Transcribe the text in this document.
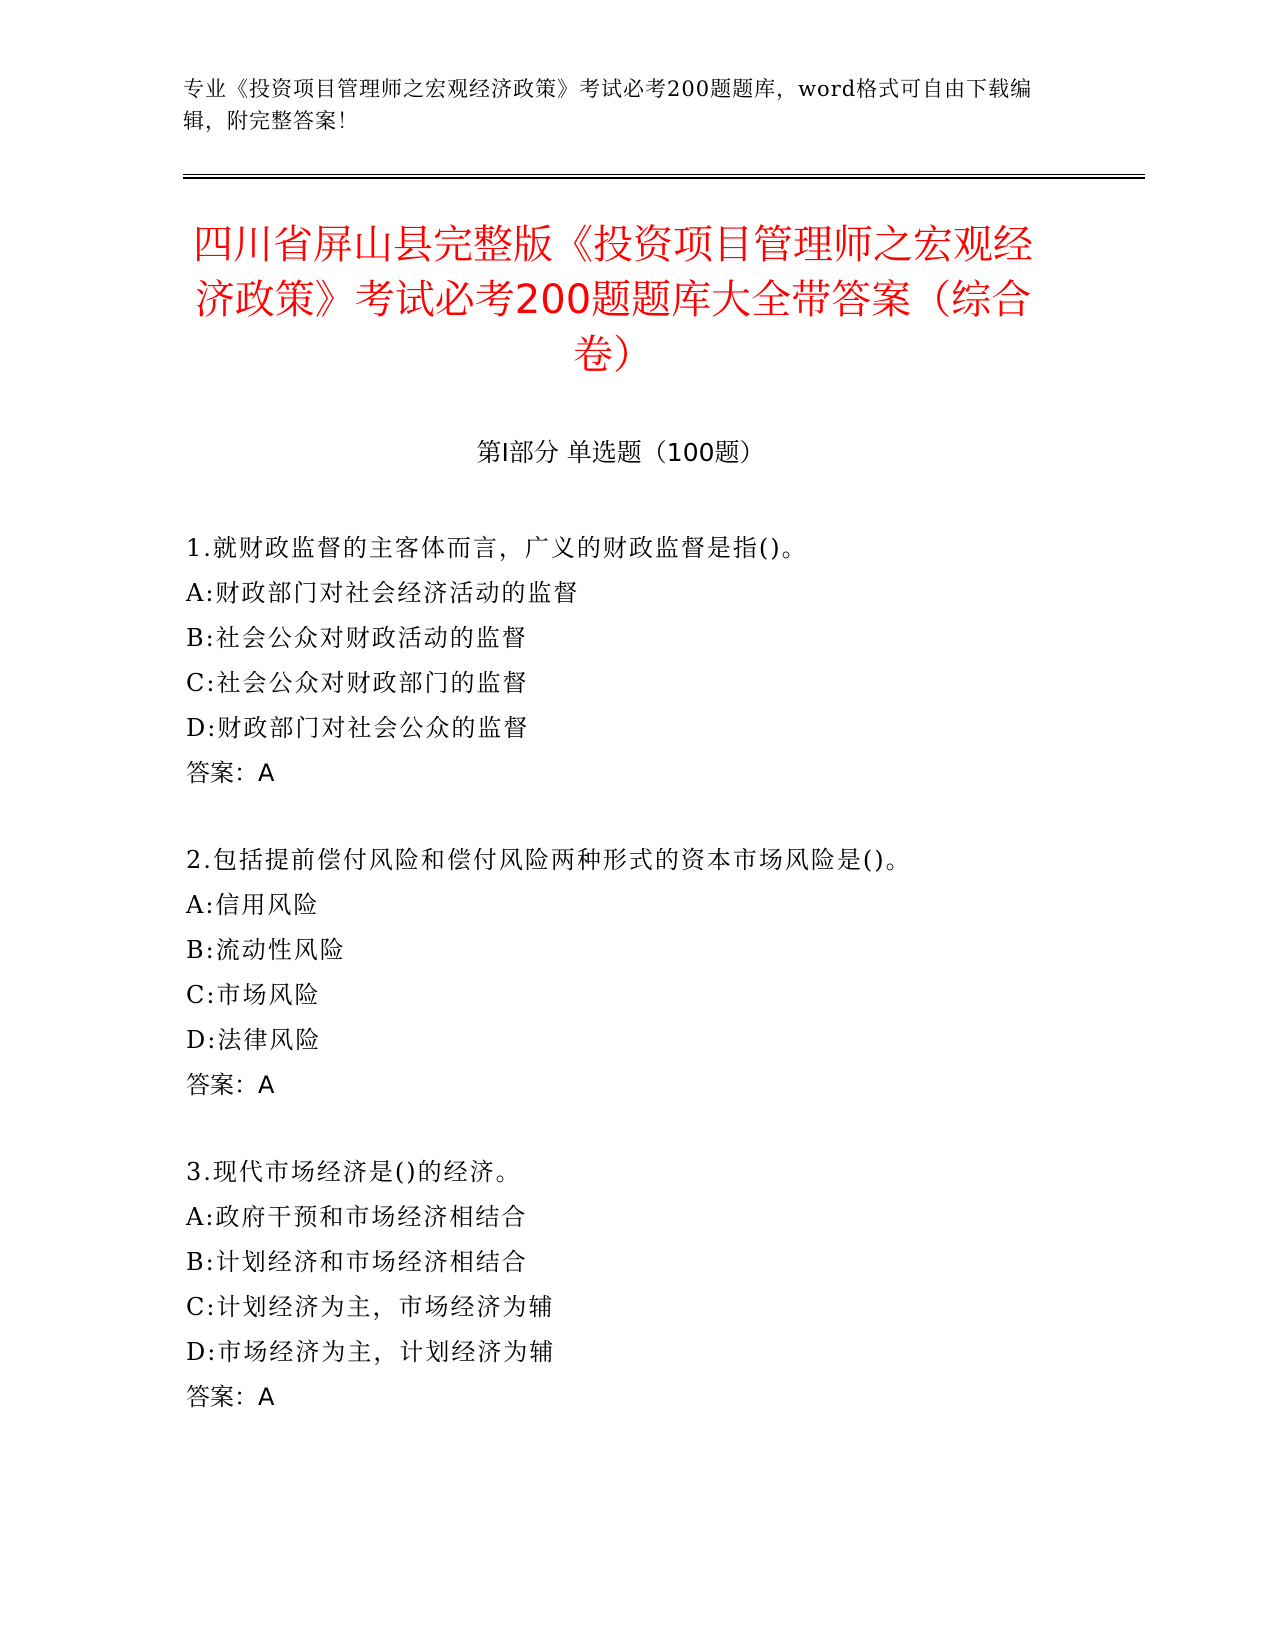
专业《投资项目管理师之宏观经济政策》考试必考200题题库，word格式可自由下载编辑，附完整答案！
四川省屏山县完整版《投资项目管理师之宏观经济政策》考试必考200题题库大全带答案（综合卷）
第Ⅰ部分 单选题（100题）
1.就财政监督的主客体而言，广义的财政监督是指()。
A:财政部门对社会经济活动的监督
B:社会公众对财政活动的监督
C:社会公众对财政部门的监督
D:财政部门对社会公众的监督
答案：A
2.包括提前偿付风险和偿付风险两种形式的资本市场风险是()。
A:信用风险
B:流动性风险
C:市场风险
D:法律风险
答案：A
3.现代市场经济是()的经济。
A:政府干预和市场经济相结合
B:计划经济和市场经济相结合
C:计划经济为主，市场经济为辅
D:市场经济为主，计划经济为辅
答案：A
